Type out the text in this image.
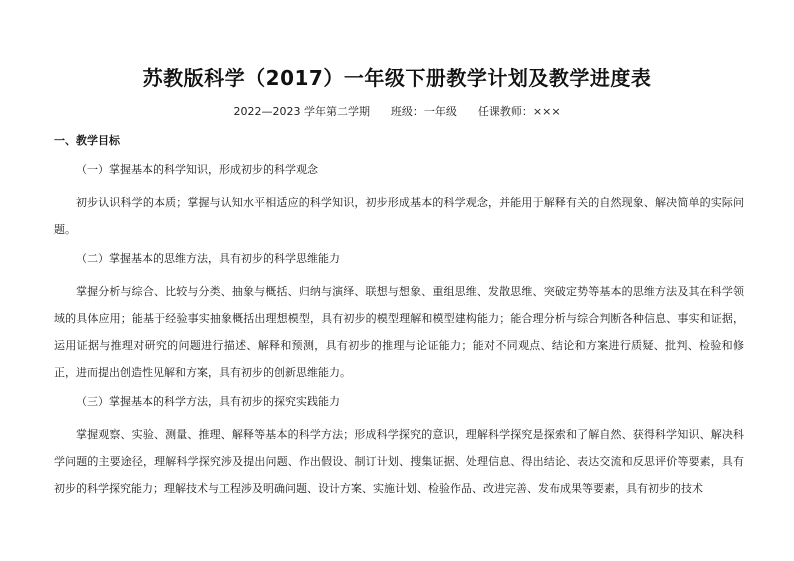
苏教版科学（2017）一年级下册教学计划及教学进度表
2022—2023 学年第二学期      班级：一年级      任课教师：×××
一、教学目标
（一）掌握基本的科学知识，形成初步的科学观念

初步认识科学的本质；掌握与认知水平相适应的科学知识，初步形成基本的科学观念，并能用于解释有关的自然现象、解决简单的实际问题。

（二）掌握基本的思维方法，具有初步的科学思维能力

掌握分析与综合、比较与分类、抽象与概括、归纳与演绎、联想与想象、重组思维、发散思维、突破定势等基本的思维方法及其在科学领域的具体应用；能基于经验事实抽象概括出理想模型，具有初步的模型理解和模型建构能力；能合理分析与综合判断各种信息、事实和证据，运用证据与推理对研究的问题进行描述、解释和预测，具有初步的推理与论证能力；能对不同观点、结论和方案进行质疑、批判、检验和修正，进而提出创造性见解和方案，具有初步的创新思维能力。

（三）掌握基本的科学方法，具有初步的探究实践能力

掌握观察、实验、测量、推理、解释等基本的科学方法；形成科学探究的意识，理解科学探究是探索和了解自然、获得科学知识、解决科学问题的主要途径，理解科学探究涉及提出问题、作出假设、制订计划、搜集证据、处理信息、得出结论、表达交流和反思评价等要素，具有初步的科学探究能力；理解技术与工程涉及明确问题、设计方案、实施计划、检验作品、改进完善、发布成果等要素，具有初步的技术
